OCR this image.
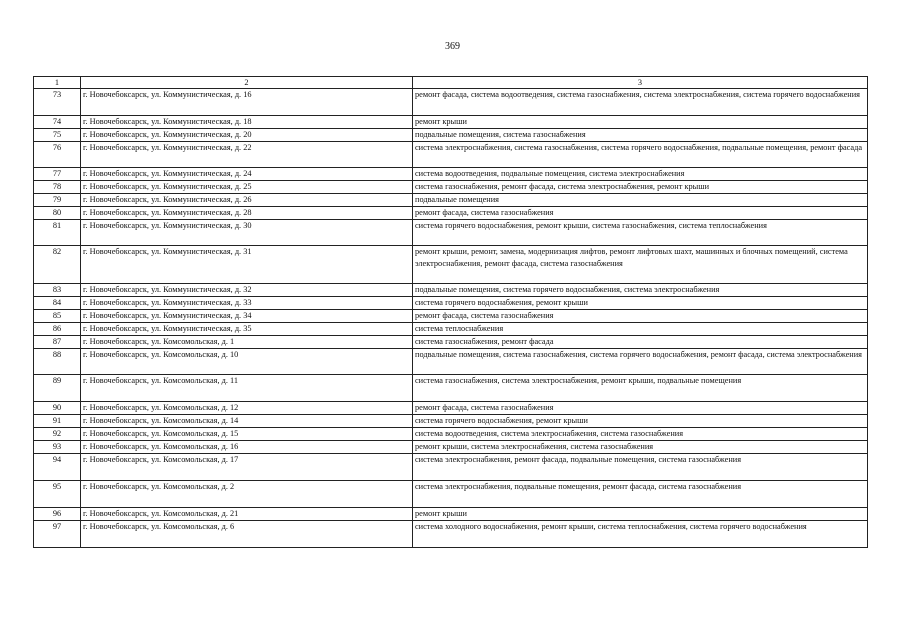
369
1	2	3
73	г. Новочебоксарск, ул. Коммунистическая, д. 16	ремонт фасада, система водоотведения, система газоснабжения, система электроснабжения, система горячего водоснабжения
74	г. Новочебоксарск, ул. Коммунистическая, д. 18	ремонт крыши
75	г. Новочебоксарск, ул. Коммунистическая, д. 20	подвальные помещения, система газоснабжения
76	г. Новочебоксарск, ул. Коммунистическая, д. 22	система электроснабжения, система газоснабжения, система горячего водоснабжения, подвальные помещения, ремонт фасада
77	г. Новочебоксарск, ул. Коммунистическая, д. 24	система водоотведения, подвальные помещения, система электроснабжения
78	г. Новочебоксарск, ул. Коммунистическая, д. 25	система газоснабжения, ремонт фасада, система электроснабжения, ремонт крыши
79	г. Новочебоксарск, ул. Коммунистическая, д. 26	подвальные помещения
80	г. Новочебоксарск, ул. Коммунистическая, д. 28	ремонт фасада, система газоснабжения
81	г. Новочебоксарск, ул. Коммунистическая, д. 30	система горячего водоснабжения, ремонт крыши, система газоснабжения, система теплоснабжения
82	г. Новочебоксарск, ул. Коммунистическая, д. 31	ремонт крыши, ремонт, замена, модернизация лифтов, ремонт лифтовых шахт, машинных и блочных помещений, система электроснабжения, ремонт фасада, система газоснабжения
83	г. Новочебоксарск, ул. Коммунистическая, д. 32	подвальные помещения, система горячего водоснабжения, система электроснабжения
84	г. Новочебоксарск, ул. Коммунистическая, д. 33	система горячего водоснабжения, ремонт крыши
85	г. Новочебоксарск, ул. Коммунистическая, д. 34	ремонт фасада, система газоснабжения
86	г. Новочебоксарск, ул. Коммунистическая, д. 35	система теплоснабжения
87	г. Новочебоксарск, ул. Комсомольская, д. 1	система газоснабжения, ремонт фасада
88	г. Новочебоксарск, ул. Комсомольская, д. 10	подвальные помещения, система газоснабжения, система горячего водоснабжения, ремонт фасада, система электроснабжения
89	г. Новочебоксарск, ул. Комсомольская, д. 11	система газоснабжения, система электроснабжения, ремонт крыши, подвальные помещения
90	г. Новочебоксарск, ул. Комсомольская, д. 12	ремонт фасада, система газоснабжения
91	г. Новочебоксарск, ул. Комсомольская, д. 14	система горячего водоснабжения, ремонт крыши
92	г. Новочебоксарск, ул. Комсомольская, д. 15	система водоотведения, система электроснабжения, система газоснабжения
93	г. Новочебоксарск, ул. Комсомольская, д. 16	ремонт крыши, система электроснабжения, система газоснабжения
94	г. Новочебоксарск, ул. Комсомольская, д. 17	система электроснабжения, ремонт фасада, подвальные помещения, система газоснабжения
95	г. Новочебоксарск, ул. Комсомольская, д. 2	система электроснабжения, подвальные помещения, ремонт фасада, система газоснабжения
96	г. Новочебоксарск, ул. Комсомольская, д. 21	ремонт крыши
97	г. Новочебоксарск, ул. Комсомольская, д. 6	система холодного водоснабжения, ремонт крыши, система теплоснабжения, система горячего водоснабжения
